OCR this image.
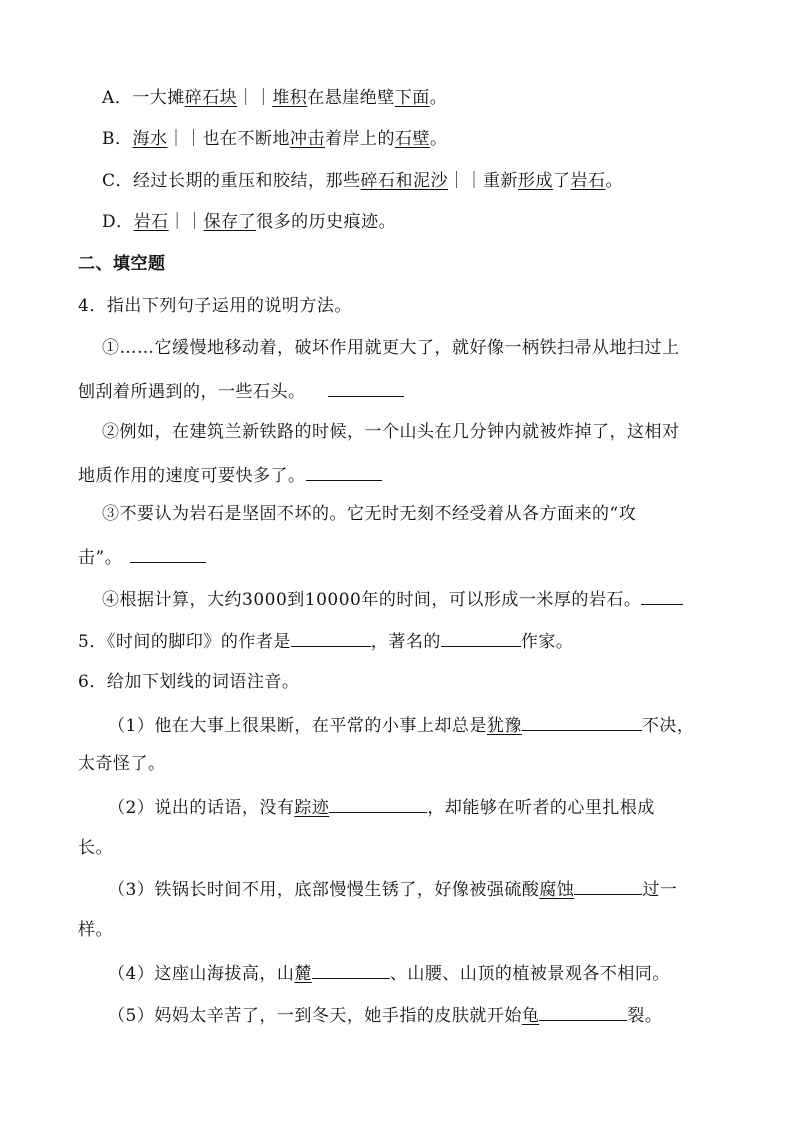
A．一大摊碎石块｜｜堆积在悬崖绝壁下面。
B．海水｜｜也在不断地冲击着岸上的石壁。
C．经过长期的重压和胶结，那些碎石和泥沙｜｜重新形成了岩石。
D．岩石｜｜保存了很多的历史痕迹。
二、填空题
4．指出下列句子运用的说明方法。
①……它缓慢地移动着，破坏作用就更大了，就好像一柄铁扫帚从地扫过上
刨刮着所遇到的，一些石头。
②例如，在建筑兰新铁路的时候，一个山头在几分钟内就被炸掉了，这相对
地质作用的速度可要快多了。
③不要认为岩石是坚固不坏的。它无时无刻不经受着从各方面来的“攻
击”。
④根据计算，大约3000到10000年的时间，可以形成一米厚的岩石。
5．《时间的脚印》的作者是	，著名的	作家。
6．给加下划线的词语注音。
（1）他在大事上很果断，在平常的小事上却总是犹豫	不决，
太奇怪了。
（2）说出的话语，没有踪迹	，却能够在听者的心里扎根成
长。
（3）铁锅长时间不用，底部慢慢生锈了，好像被强硫酸腐蚀	过一
样。
（4）这座山海拔高，山麓	、山腰、山顶的植被景观各不相同。
（5）妈妈太辛苦了，一到冬天，她手指的皮肤就开始龟	裂。
